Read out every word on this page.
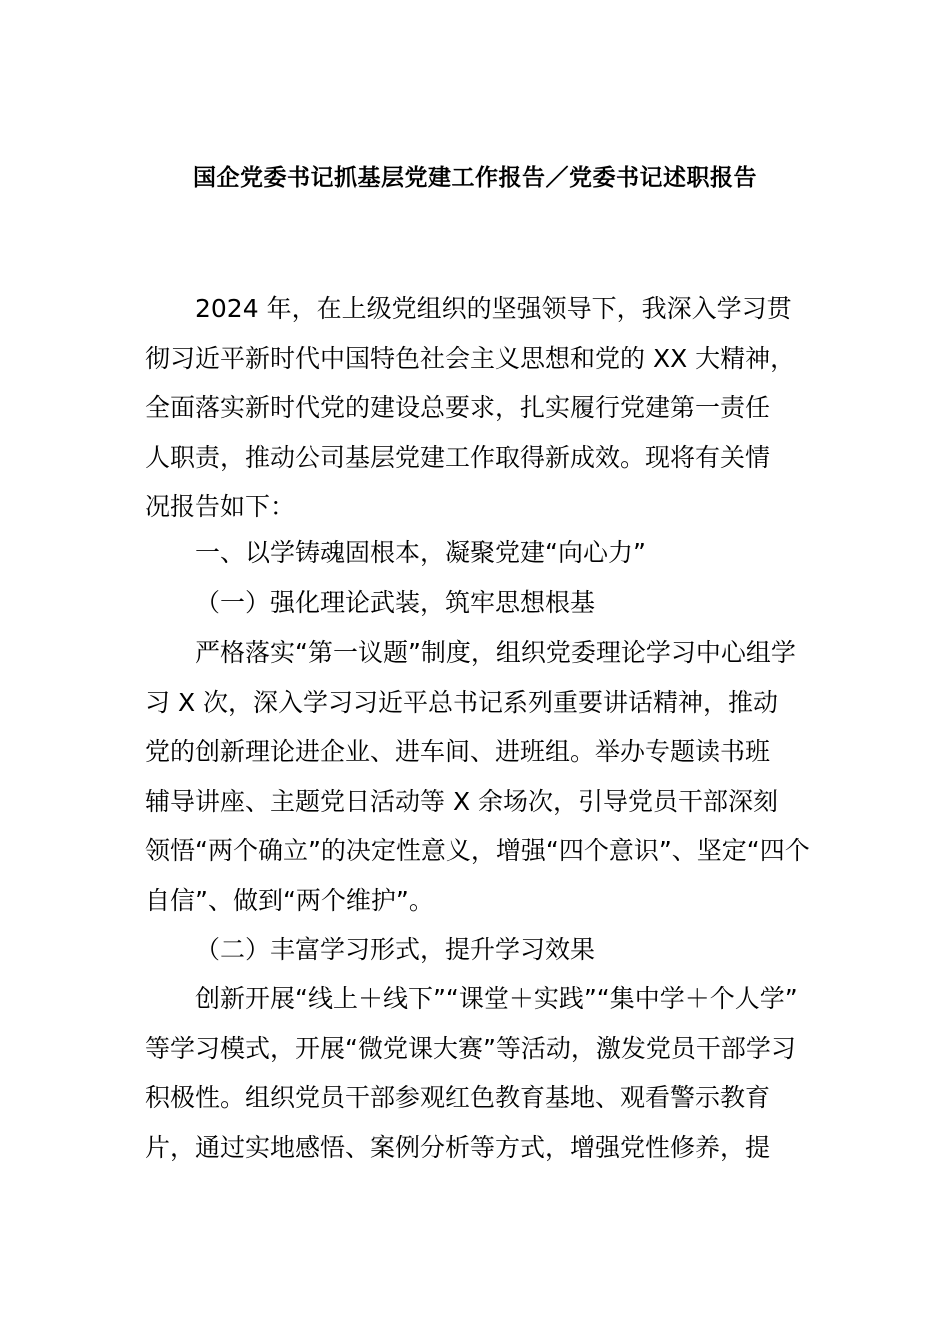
国企党委书记抓基层党建工作报告／党委书记述职报告
2024 年，在上级党组织的坚强领导下，我深入学习贯
彻习近平新时代中国特色社会主义思想和党的 XX 大精神，
全面落实新时代党的建设总要求，扎实履行党建第一责任
人职责，推动公司基层党建工作取得新成效。现将有关情
况报告如下：
一、以学铸魂固根本，凝聚党建“向心力”
（一）强化理论武装，筑牢思想根基
严格落实“第一议题”制度，组织党委理论学习中心组学
习 X 次，深入学习习近平总书记系列重要讲话精神，推动
党的创新理论进企业、进车间、进班组。举办专题读书班
辅导讲座、主题党日活动等 X 余场次，引导党员干部深刻
领悟“两个确立”的决定性意义，增强“四个意识”、坚定“四个
自信”、做到“两个维护”。
（二）丰富学习形式，提升学习效果
创新开展“线上＋线下”“课堂＋实践”“集中学＋个人学”
等学习模式，开展“微党课大赛”等活动，激发党员干部学习
积极性。组织党员干部参观红色教育基地、观看警示教育
片，通过实地感悟、案例分析等方式，增强党性修养，提
